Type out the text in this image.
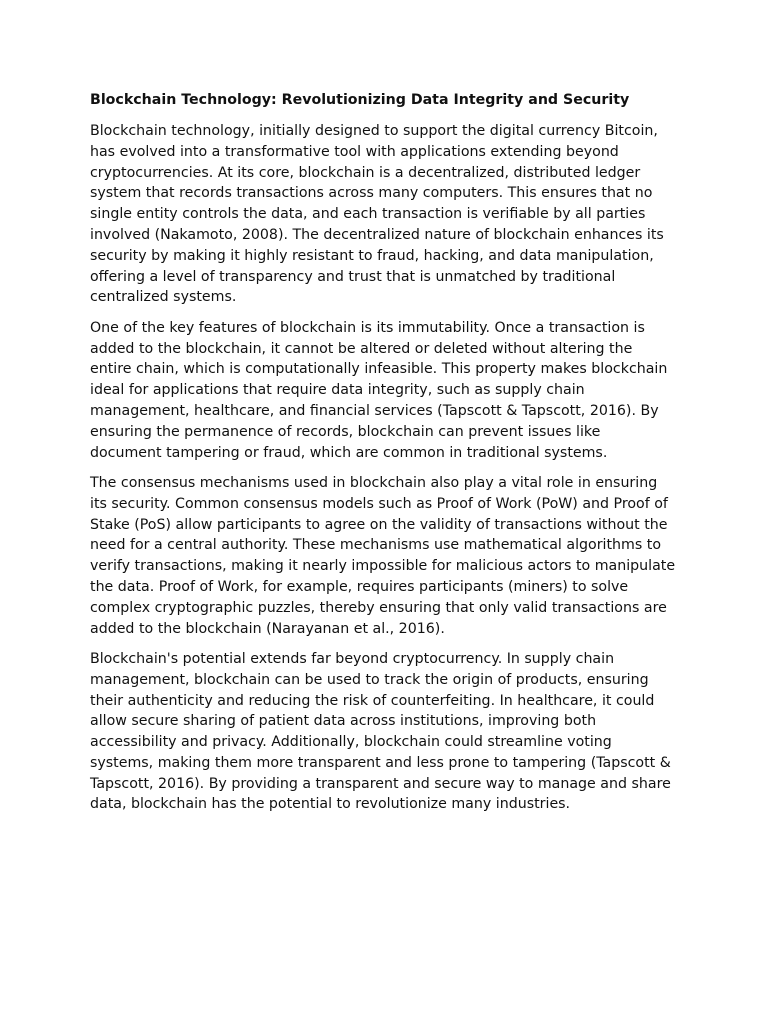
Blockchain Technology: Revolutionizing Data Integrity and Security

Blockchain technology, initially designed to support the digital currency Bitcoin, has evolved into a transformative tool with applications extending beyond cryptocurrencies. At its core, blockchain is a decentralized, distributed ledger system that records transactions across many computers. This ensures that no single entity controls the data, and each transaction is verifiable by all parties involved (Nakamoto, 2008). The decentralized nature of blockchain enhances its security by making it highly resistant to fraud, hacking, and data manipulation, offering a level of transparency and trust that is unmatched by traditional centralized systems.

One of the key features of blockchain is its immutability. Once a transaction is added to the blockchain, it cannot be altered or deleted without altering the entire chain, which is computationally infeasible. This property makes blockchain ideal for applications that require data integrity, such as supply chain management, healthcare, and financial services (Tapscott & Tapscott, 2016). By ensuring the permanence of records, blockchain can prevent issues like document tampering or fraud, which are common in traditional systems.

The consensus mechanisms used in blockchain also play a vital role in ensuring its security. Common consensus models such as Proof of Work (PoW) and Proof of Stake (PoS) allow participants to agree on the validity of transactions without the need for a central authority. These mechanisms use mathematical algorithms to verify transactions, making it nearly impossible for malicious actors to manipulate the data. Proof of Work, for example, requires participants (miners) to solve complex cryptographic puzzles, thereby ensuring that only valid transactions are added to the blockchain (Narayanan et al., 2016).

Blockchain's potential extends far beyond cryptocurrency. In supply chain management, blockchain can be used to track the origin of products, ensuring their authenticity and reducing the risk of counterfeiting. In healthcare, it could allow secure sharing of patient data across institutions, improving both accessibility and privacy. Additionally, blockchain could streamline voting systems, making them more transparent and less prone to tampering (Tapscott & Tapscott, 2016). By providing a transparent and secure way to manage and share data, blockchain has the potential to revolutionize many industries.
